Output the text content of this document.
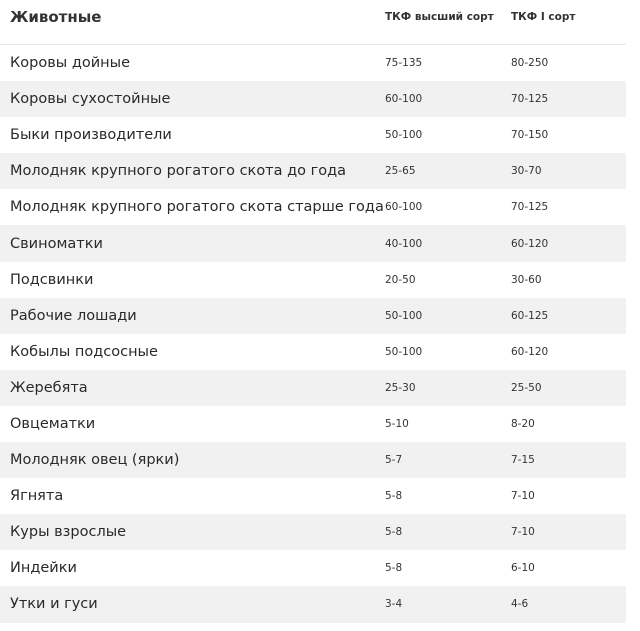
Животные	ТКФ высший сорт ТКФ I сорт
Коровы дойные	75-135	80-250
Коровы сухостойные	60-100	70-125
Быки производители	50-100	70-150
Молодняк крупного рогатого скота до года	25-65	30-70
Молодняк крупного рогатого скота старше года 60-100	70-125
Свиноматки	40-100	60-120
Подсвинки	20-50	30-60
Рабочие лошади	50-100	60-125
Кобылы подсосные	50-100	60-120
Жеребята	25-30	25-50
Овцематки	5-10	8-20
Молодняк овец (ярки)	5-7	7-15
Ягнята	5-8	7-10
Куры взрослые	5-8	7-10
Индейки	5-8	6-10
Утки и гуси	3-4	4-6
